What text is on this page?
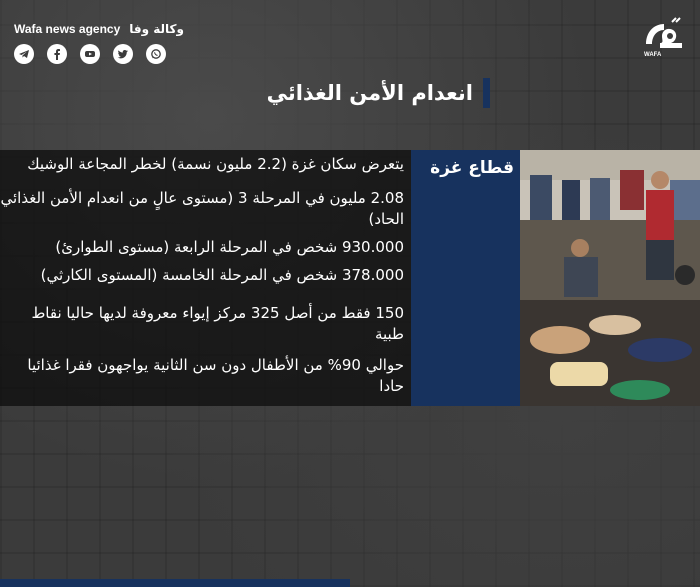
Wafa news agency وكالة وفا
WAFA
انعدام الأمن الغذائي
قطاع غزة
يتعرض سكان غزة (2.2 مليون نسمة) لخطر المجاعة الوشيك
2.08 مليون في المرحلة 3 (مستوى عالٍ من انعدام الأمن الغذائي الحاد)
930.000 شخص في المرحلة الرابعة (مستوى الطوارئ)
378.000 شخص في المرحلة الخامسة (المستوى الكارثي)
150 فقط من أصل 325 مركز إيواء معروفة لديها حاليا نقاط طبية
حوالي 90% من الأطفال دون سن الثانية يواجهون فقرا غذائيا حادا
